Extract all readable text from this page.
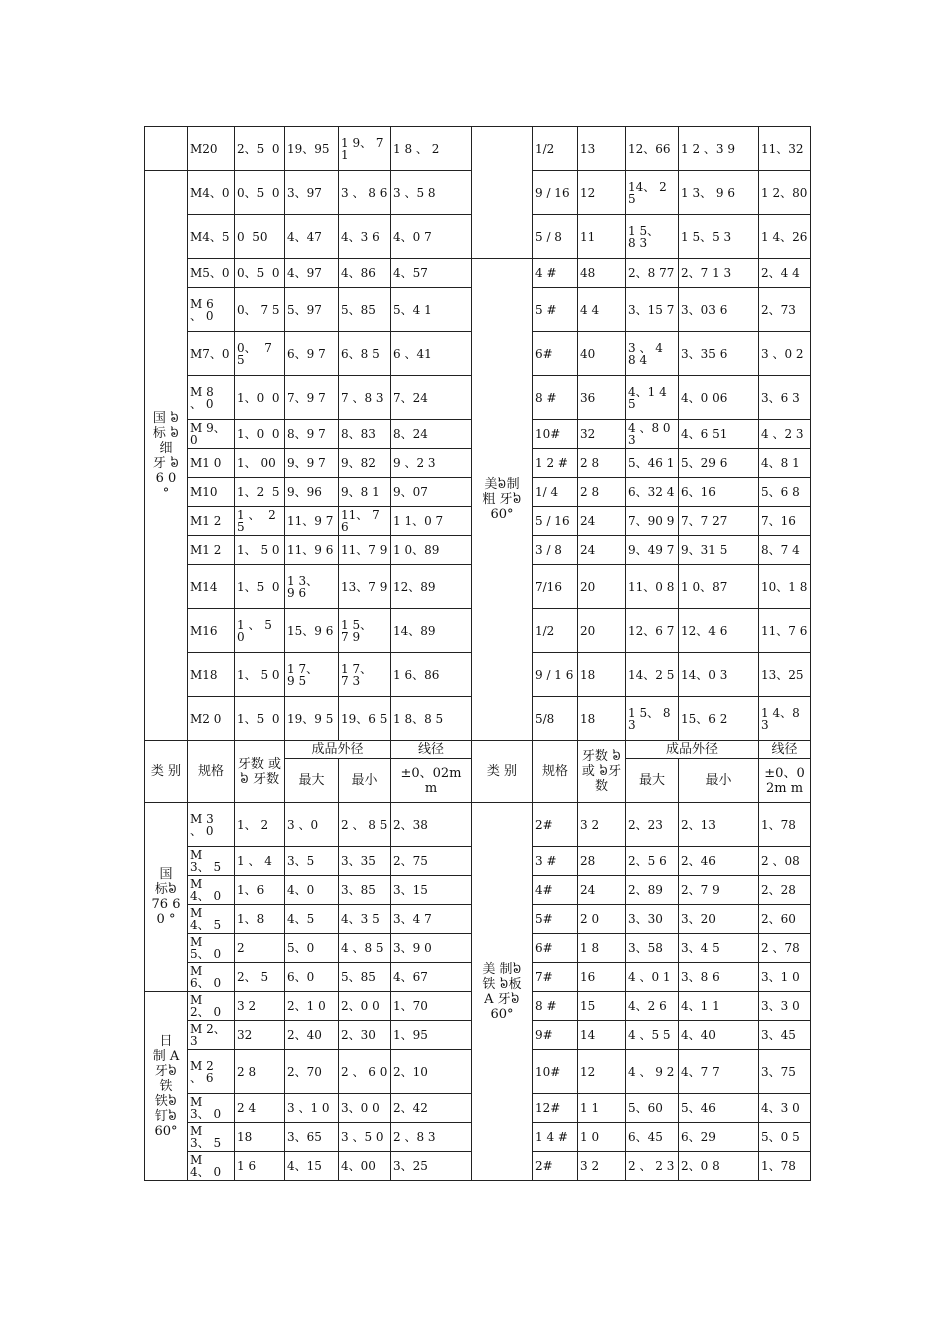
	M20	2、5  0	19、95	1 9、 7 1	1 8 、 2		1/2	13	12、66	1 2 、3 9	11、32
国 ៦ 标 ៦ 细 牙 ៦ 6 0 °	M4、0	0、5  0	3、97	3 、 8 6	3 、5 8		9 / 16	12	14、 2 5	1 3、 9 6	1 2、80
	M4、5	0  50	4、47	4、3 6	4、0 7		5 / 8	11	1 5、8 3	1 5、5 3	1 4、26
	M5、0	0、5  0	4、97	4、86	4、57	美៦制 粗 牙៦ 60°	4 #	48	2、8 77	2、7 1 3	2、4 4
	M 6 、 0	0、 7 5	5、97	5、85	5、4 1		5 #	4 4	3、15 7	3、03 6	2、73
	M7、0	0、  7 5	6、9 7	6、8 5	6 、41		6#	40	3 、 4 8 4	3、35 6	3 、0 2
	M 8 、 0	1、0  0	7、9 7	7 、8 3	7、24		8 #	36	4、1 4 5	4、0 06	3、6 3
	M 9、0	1、0  0	8、9 7	8、83	8、24		10#	32	4 、8 0 3	4、6 51	4 、2 3
	M1 0	1、 00	9、9 7	9、82	9 、2 3		1 2 #	2 8	5、46 1	5、29 6	4、8 1
	M10	1、2  5	9、96	9、8 1	9、07		1/ 4	2 8	6、32 4	6、16	5、6 8
	M1 2	1 、  25	11、9 7	11、 7 6	1 1、0 7		5 / 16	24	7、90 9	7、7 27	7、16
	M1 2	1、 5 0	11、9 6	11、7 9	1 0、89		3 / 8	24	9、49 7	9、31 5	8、7 4
	M14	1、5  0	1 3、9 6	13、7 9	12、89		7/16	20	11、0 8	1 0、87	10、1 8
	M16	1 、 5 0	15、9 6	1 5、7 9	14、89		1/2	20	12、6 7	12、4 6	11、7 6
	M18	1、 5 0	1 7、9 5	1 7、7 3	1 6、86		9 / 1 6	18	14、2 5	14、0 3	13、25
	M2 0	1、5  0	19、9 5	19、6 5	1 8、8 5		5/8	18	1 5、 8 3	15、6 2	1 4、8 3
类 别	规格	牙数 或៦ 牙数	成品外径		线径	类 别	规格	牙数 ៦或 ៦牙 数	成品外径		线径
			最大	最小	±0、02m m				最大	最小	±0、02m m
国 标៦ 76 6 0 °	M 3 、 0	1、 2	3 、0	2 、 8 5	2、38	美 制៦铁 ៦板 A 牙៦ 60°	2#	3 2	2、23	2、13	1、78
	M3、 5	1 、 4	3、5	3、35	2、75		3 #	28	2、5 6	2、46	2 、08
	M4、 0	1、6	4、0	3、85	3、15		4#	24	2、89	2、7 9	2、28
	M4、 5	1、8	4、5	4、3 5	3、4 7		5#	2 0	3、30	3、20	2、60
	M5、 0	2	5、0	4 、8 5	3、9 0		6#	1 8	3、58	3、4 5	2 、78
	M6、 0	2、 5	6、0	5、85	4、67		7#	16	4 、0 1	3、8 6	3、1 0
日 制 A 牙៦ 铁 铁៦ 钉៦ 60°	M2、 0	3 2	2、1 0	2、0 0	1、70		8 #	15	4、2 6	4、1 1	3、3 0
	M 2、3	32	2、40	2、30	1、95		9#	14	4 、5 5	4、40	3、45
	M 2 、 6	2 8	2、70	2 、 6 0	2、10		10#	12	4 、 9 2	4、7 7	3、75
	M3、 0	2 4	3 、1 0	3、0 0	2、42		12#	1 1	5、60	5、46	4、3 0
	M3、 5	18	3、65	3 、5 0	2 、8 3		1 4 #	1 0	6、45	6、29	5、0 5
	M4、 0	1 6	4、15	4、00	3、25		2#	3 2	2 、 2 3	2、0 8	1、78
